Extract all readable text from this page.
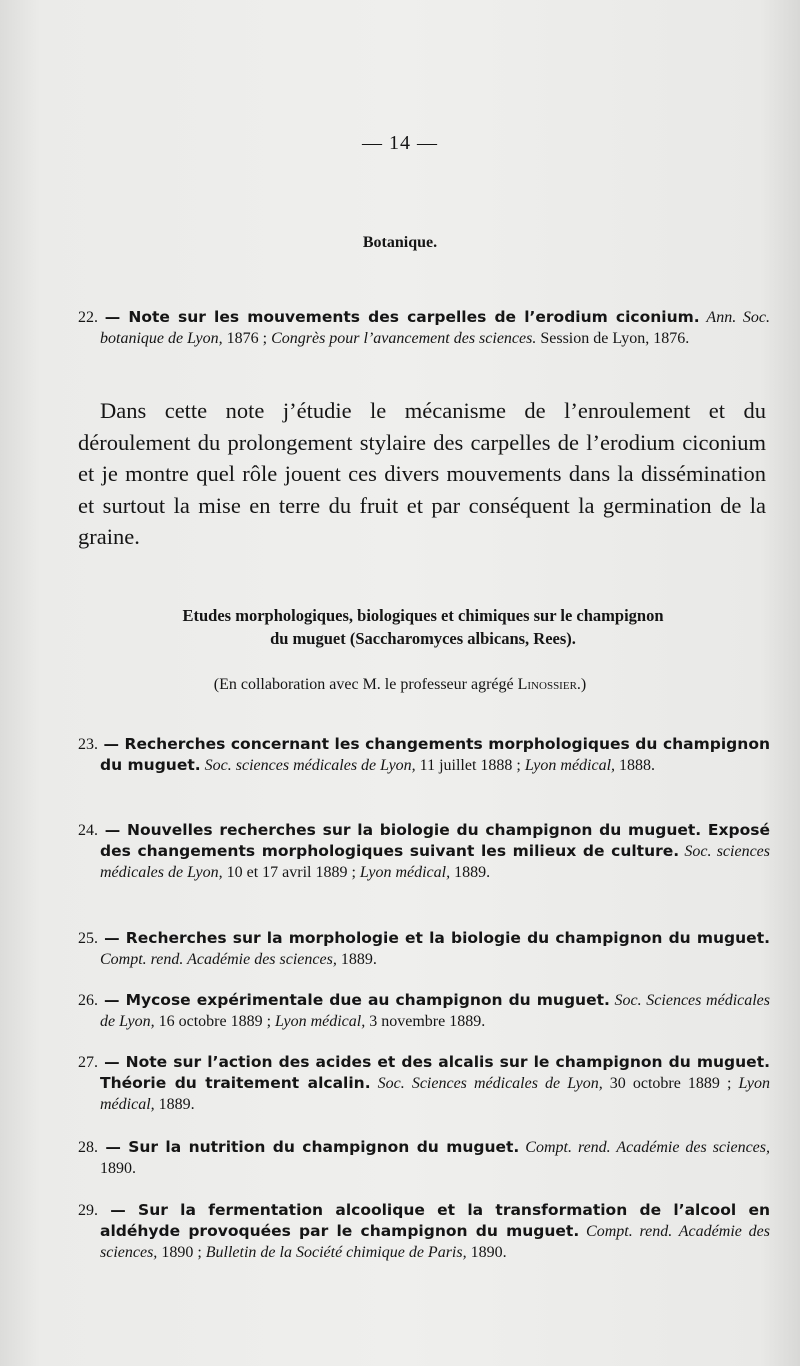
— 14 —
Botanique.
22. — Note sur les mouvements des carpelles de l’erodium ciconium. Ann. Soc. botanique de Lyon, 1876 ; Congrès pour l’avancement des sciences. Session de Lyon, 1876.
Dans cette note j’étudie le mécanisme de l’enroulement et du déroulement du prolongement stylaire des carpelles de l’erodium ciconium et je montre quel rôle jouent ces divers mouvements dans la dissémination et surtout la mise en terre du fruit et par conséquent la germination de la graine.
Etudes morphologiques, biologiques et chimiques sur le champignon
du muguet (Saccharomyces albicans, Rees).
(En collaboration avec M. le professeur agrégé Linossier.)
23. — Recherches concernant les changements morphologiques du champignon du muguet. Soc. sciences médicales de Lyon, 11 juillet 1888 ; Lyon médical, 1888.
24. — Nouvelles recherches sur la biologie du champignon du muguet. Exposé des changements morphologiques suivant les milieux de culture. Soc. sciences médicales de Lyon, 10 et 17 avril 1889 ; Lyon médical, 1889.
25. — Recherches sur la morphologie et la biologie du champignon du muguet. Compt. rend. Académie des sciences, 1889.
26. — Mycose expérimentale due au champignon du muguet. Soc. Sciences médicales de Lyon, 16 octobre 1889 ; Lyon médical, 3 novembre 1889.
27. — Note sur l’action des acides et des alcalis sur le champignon du muguet. Théorie du traitement alcalin. Soc. Sciences médicales de Lyon, 30 octobre 1889 ; Lyon médical, 1889.
28. — Sur la nutrition du champignon du muguet. Compt. rend. Académie des sciences, 1890.
29. — Sur la fermentation alcoolique et la transformation de l’alcool en aldéhyde provoquées par le champignon du muguet. Compt. rend. Académie des sciences, 1890 ; Bulletin de la Société chimique de Paris, 1890.
